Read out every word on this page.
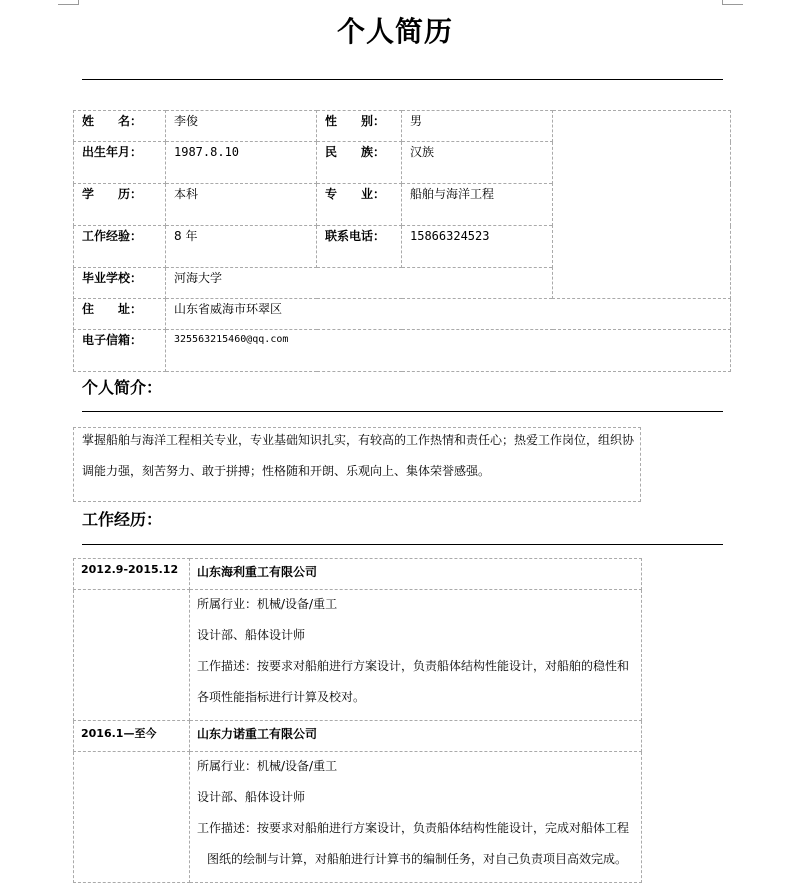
个人简历
姓　　名：	李俊	性　　别：	男	

出生年月：	1987.8.10	民　　族：	汉族	

学　　历：	本科	专　　业：	船舶与海洋工程	

工作经验：	8 年	联系电话：	15866324523	

毕业学校：	河海大学			

住　　址：	山东省威海市环翠区			

电子信箱：	325563215460@qq.com			
个人简介：
掌握船舶与海洋工程相关专业，专业基础知识扎实，有较高的工作热情和责任心；热爱工作岗位，组织协
调能力强，刻苦努力、敢于拼搏；性格随和开朗、乐观向上、集体荣誉感强。
工作经历：
2012.9-2015.12	山东海利重工有限公司

	所属行业：机械/设备/重工
设计部、船体设计师
工作描述：按要求对船舶进行方案设计，负责船体结构性能设计，对船舶的稳性和
各项性能指标进行计算及校对。

2016.1—至今	山东力诺重工有限公司

	所属行业：机械/设备/重工
设计部、船体设计师
工作描述：按要求对船舶进行方案设计，负责船体结构性能设计，完成对船体工程
图纸的绘制与计算，对船舶进行计算书的编制任务，对自己负责项目高效完成。
